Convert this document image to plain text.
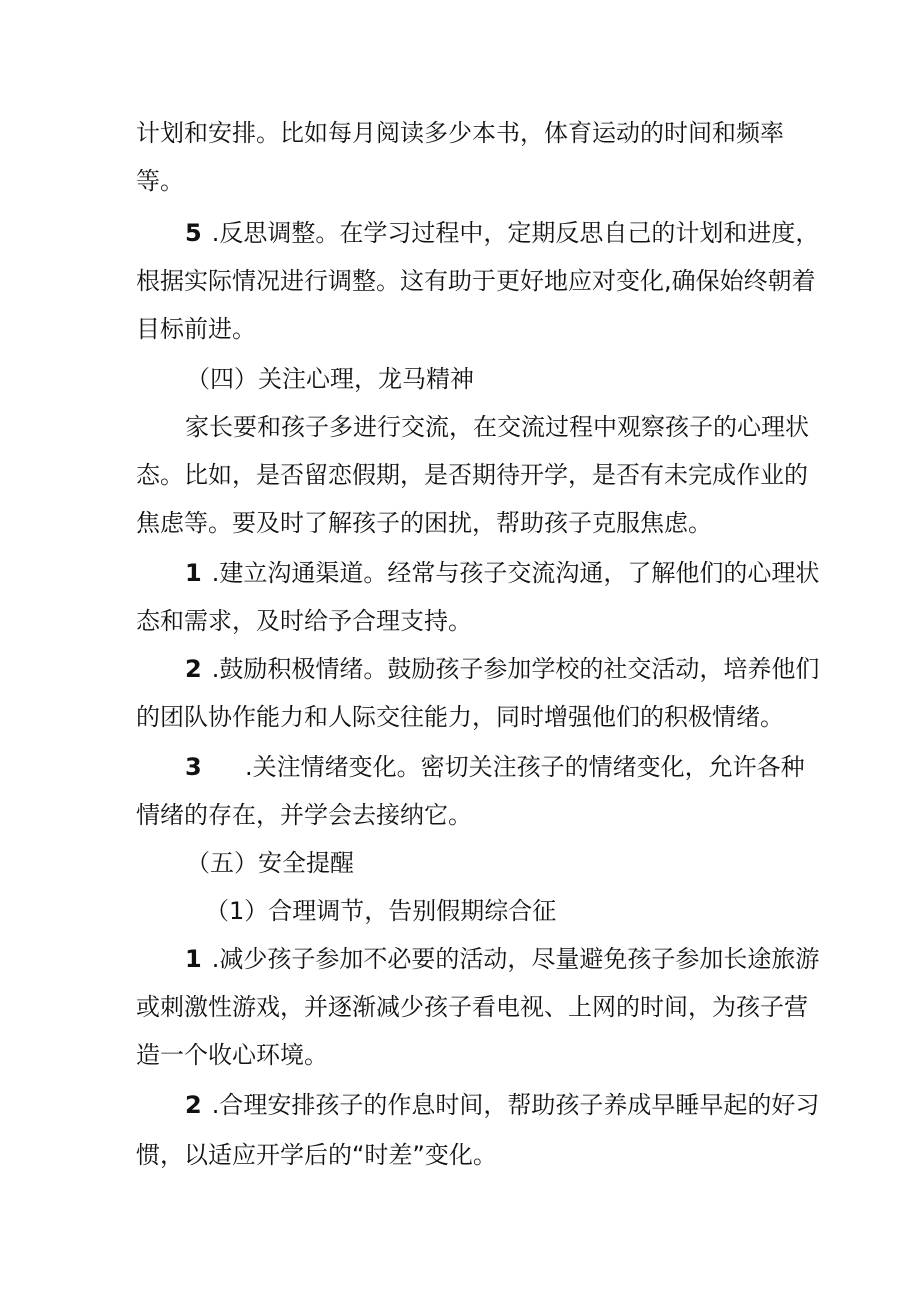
计划和安排。比如每月阅读多少本书，体育运动的时间和频率
等。
5 .反思调整。在学习过程中，定期反思自己的计划和进度，
根据实际情况进行调整。这有助于更好地应对变化,确保始终朝着
目标前进。
（四）关注心理，龙马精神
家长要和孩子多进行交流，在交流过程中观察孩子的心理状
态。比如，是否留恋假期，是否期待开学，是否有未完成作业的
焦虑等。要及时了解孩子的困扰，帮助孩子克服焦虑。
1 .建立沟通渠道。经常与孩子交流沟通，了解他们的心理状
态和需求，及时给予合理支持。
2 .鼓励积极情绪。鼓励孩子参加学校的社交活动，培养他们
的团队协作能力和人际交往能力，同时增强他们的积极情绪。
3 .关注情绪变化。密切关注孩子的情绪变化，允许各种
情绪的存在，并学会去接纳它。
（五）安全提醒
（1）合理调节，告别假期综合征
1 .减少孩子参加不必要的活动，尽量避免孩子参加长途旅游
或刺激性游戏，并逐渐减少孩子看电视、上网的时间，为孩子营
造一个收心环境。
2 .合理安排孩子的作息时间，帮助孩子养成早睡早起的好习
惯，以适应开学后的“时差”变化。
